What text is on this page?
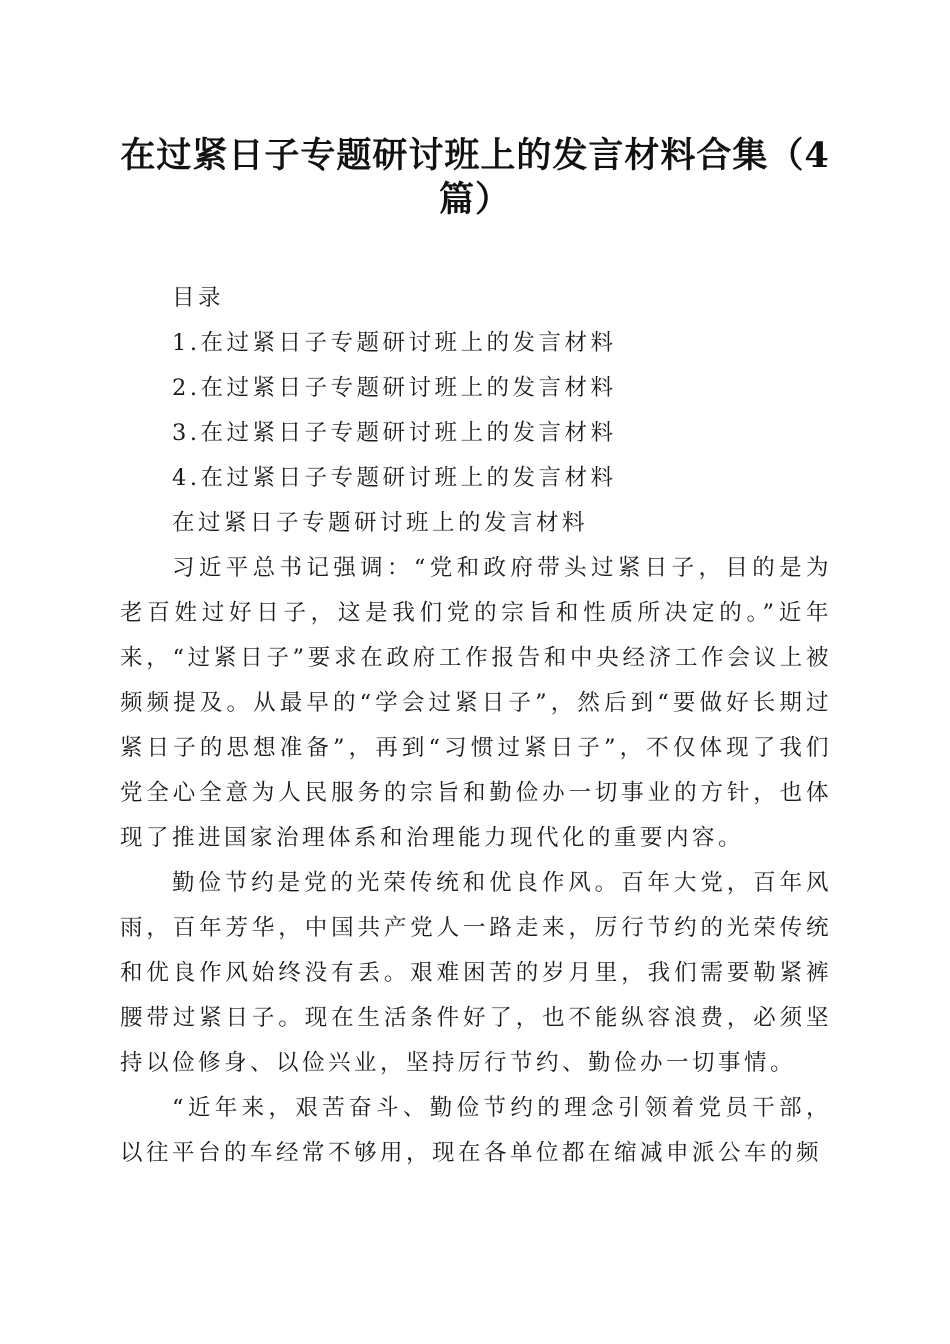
在过紧日子专题研讨班上的发言材料合集（4篇）

目录

1.在过紧日子专题研讨班上的发言材料

2.在过紧日子专题研讨班上的发言材料

3.在过紧日子专题研讨班上的发言材料

4.在过紧日子专题研讨班上的发言材料

在过紧日子专题研讨班上的发言材料

习近平总书记强调：“党和政府带头过紧日子，目的是为老百姓过好日子，这是我们党的宗旨和性质所决定的。”近年来，“过紧日子”要求在政府工作报告和中央经济工作会议上被频频提及。从最早的“学会过紧日子”，然后到“要做好长期过紧日子的思想准备”，再到“习惯过紧日子”，不仅体现了我们党全心全意为人民服务的宗旨和勤俭办一切事业的方针，也体现了推进国家治理体系和治理能力现代化的重要内容。

勤俭节约是党的光荣传统和优良作风。百年大党，百年风雨，百年芳华，中国共产党人一路走来，厉行节约的光荣传统和优良作风始终没有丢。艰难困苦的岁月里，我们需要勒紧裤腰带过紧日子。现在生活条件好了，也不能纵容浪费，必须坚持以俭修身、以俭兴业，坚持厉行节约、勤俭办一切事情。

“近年来，艰苦奋斗、勤俭节约的理念引领着党员干部，以往平台的车经常不够用，现在各单位都在缩减申派公车的频
